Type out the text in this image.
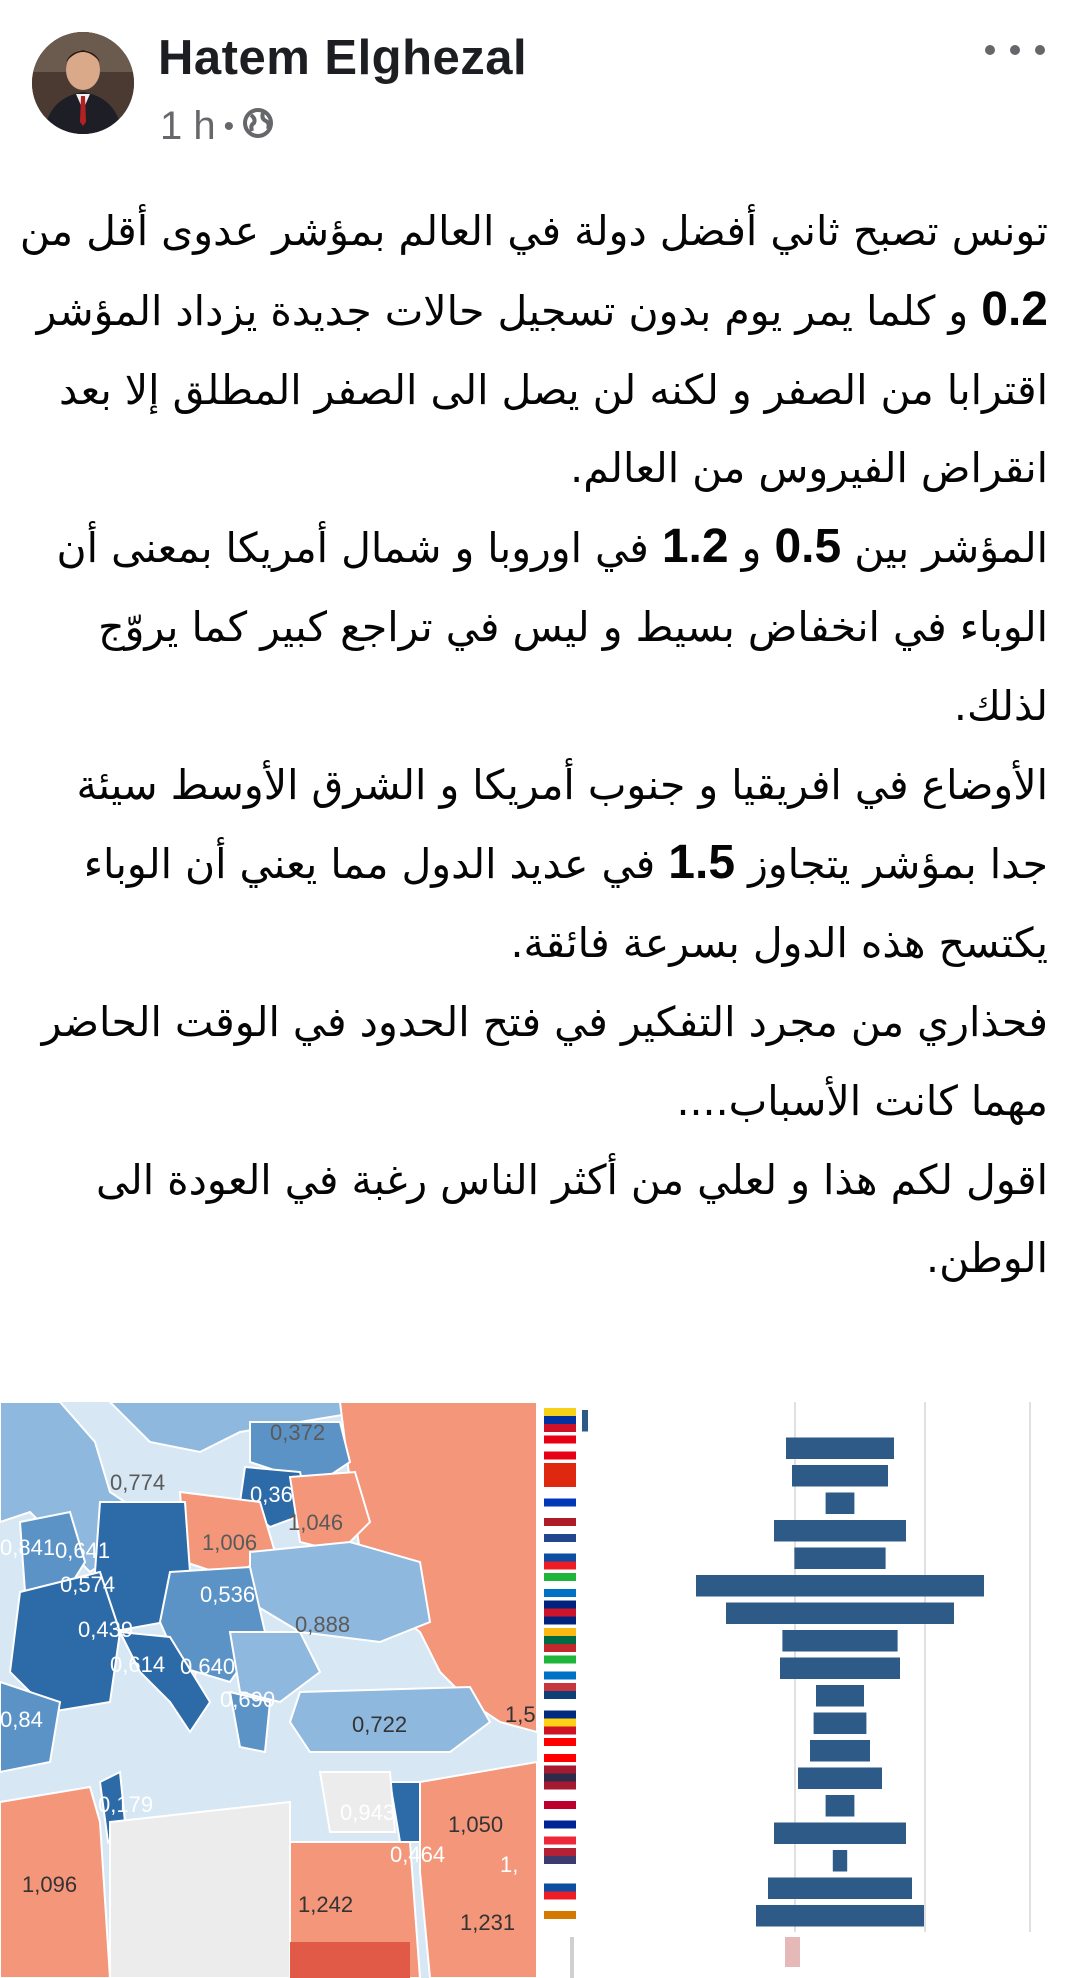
Hatem Elghezal
1 h •

تونس تصبح ثاني أفضل دولة في العالم بمؤشر عدوى أقل من 0.2 و كلما يمر يوم بدون تسجيل حالات جديدة يزداد المؤشر اقترابا من الصفر و لكنه لن يصل الى الصفر المطلق إلا بعد انقراض الفيروس من العالم.

المؤشر بين 0.5 و 1.2 في اوروبا و شمال أمريكا بمعنى أن الوباء في انخفاض بسيط و ليس في تراجع كبير كما يروّج لذلك.

الأوضاع في افريقيا و جنوب أمريكا و الشرق الأوسط سيئة جدا بمؤشر يتجاوز 1.5 في عديد الدول مما يعني أن الوباء يكتسح هذه الدول بسرعة فائقة.

فحذاري من مجرد التفكير في فتح الحدود في الوقت الحاضر مهما كانت الأسباب....

اقول لكم هذا و لعلي من أكثر الناس رغبة في العودة الى الوطن.

0,372
0,774	0,36
1,006
1,046
0,841 0,641
0,574	0,536
0,888
0,439
0,614 0,640
0,690
0,84	0,722	1,5
0,179	0,943 1,050
0,464
1,096
1,242
1,231
1,
